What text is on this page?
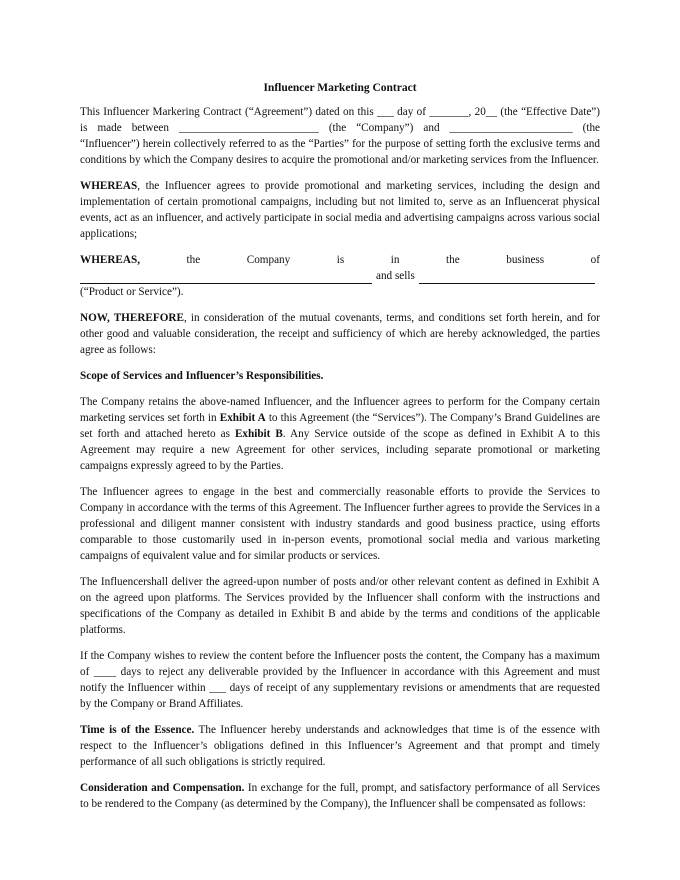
Influencer Marketing Contract

This Influencer Markering Contract (“Agreement”) dated on this ___ day of _______, 20__ (the “Effective Date”) is made between _________________________ (the “Company”) and ______________________ (the “Influencer”) herein collectively referred to as the “Parties” for the purpose of setting forth the exclusive terms and conditions by which the Company desires to acquire the promotional and/or marketing services from the Influencer.

WHEREAS, the Influencer agrees to provide promotional and marketing services, including the design and implementation of certain promotional campaigns, including but not limited to, serve as an Influencerat physical events, act as an influencer, and actively participate in social media and advertising campaigns across various social applications;

WHEREAS,	the	Company	is	in	the	business	of
and sells
(“Product or Service”).

NOW, THEREFORE, in consideration of the mutual covenants, terms, and conditions set forth herein, and for other good and valuable consideration, the receipt and sufficiency of which are hereby acknowledged, the parties agree as follows:

Scope of Services and Influencer’s Responsibilities.

The Company retains the above-named Influencer, and the Influencer agrees to perform for the Company certain marketing services set forth in Exhibit A to this Agreement (the “Services”). The Company’s Brand Guidelines are set forth and attached hereto as Exhibit B. Any Service outside of the scope as defined in Exhibit A to this Agreement may require a new Agreement for other services, including separate promotional or marketing campaigns expressly agreed to by the Parties.

The Influencer agrees to engage in the best and commercially reasonable efforts to provide the Services to Company in accordance with the terms of this Agreement. The Influencer further agrees to provide the Services in a professional and diligent manner consistent with industry standards and good business practice, using efforts comparable to those customarily used in in-person events, promotional social media and various marketing campaigns of equivalent value and for similar products or services.

The Influencershall deliver the agreed-upon number of posts and/or other relevant content as defined in Exhibit A on the agreed upon platforms. The Services provided by the Influencer shall conform with the instructions and specifications of the Company as detailed in Exhibit B and abide by the terms and conditions of the applicable platforms.

If the Company wishes to review the content before the Influencer posts the content, the Company has a maximum of ____ days to reject any deliverable provided by the Influencer in accordance with this Agreement and must notify the Influencer within ___ days of receipt of any supplementary revisions or amendments that are requested by the Company or Brand Affiliates.

Time is of the Essence. The Influencer hereby understands and acknowledges that time is of the essence with respect to the Influencer’s obligations defined in this Influencer’s Agreement and that prompt and timely performance of all such obligations is strictly required.

Consideration and Compensation. In exchange for the full, prompt, and satisfactory performance of all Services to be rendered to the Company (as determined by the Company), the Influencer shall be compensated as follows:
